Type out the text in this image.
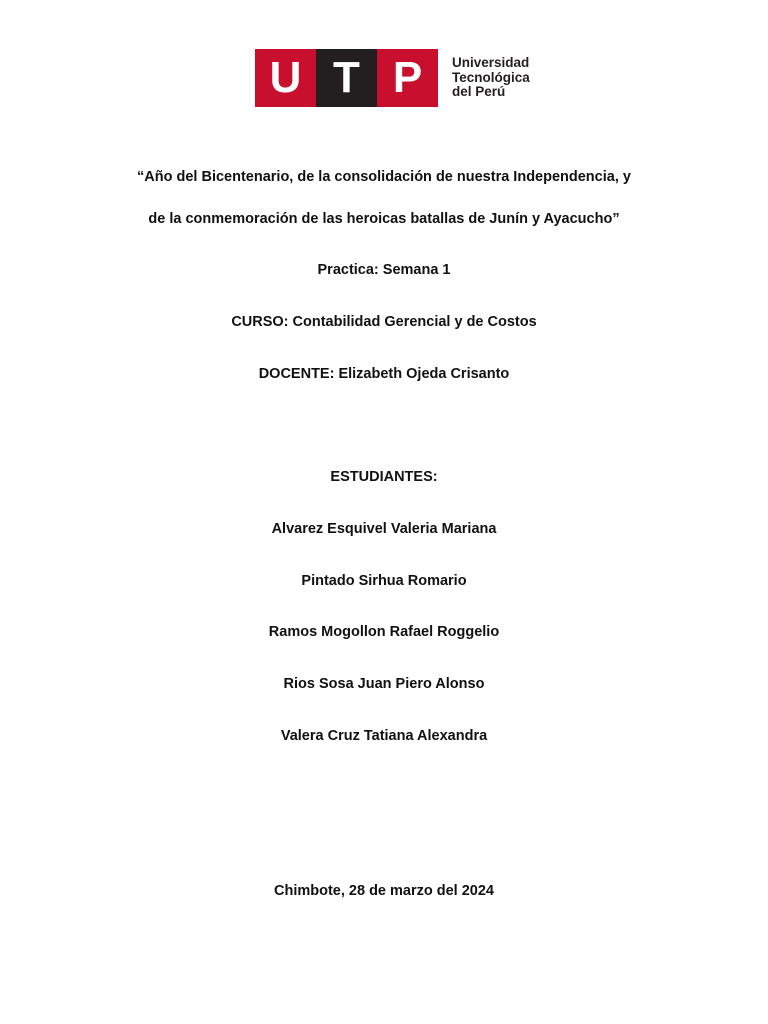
U T P	Universidad
Tecnológica
del Perú
“Año del Bicentenario, de la consolidación de nuestra Independencia, y
de la conmemoración de las heroicas batallas de Junín y Ayacucho”
Practica: Semana 1
CURSO: Contabilidad Gerencial y de Costos
DOCENTE: Elizabeth Ojeda Crisanto
ESTUDIANTES:
Alvarez Esquivel Valeria Mariana
Pintado Sirhua Romario
Ramos Mogollon Rafael Roggelio
Rios Sosa Juan Piero Alonso
Valera Cruz Tatiana Alexandra
Chimbote, 28 de marzo del 2024
